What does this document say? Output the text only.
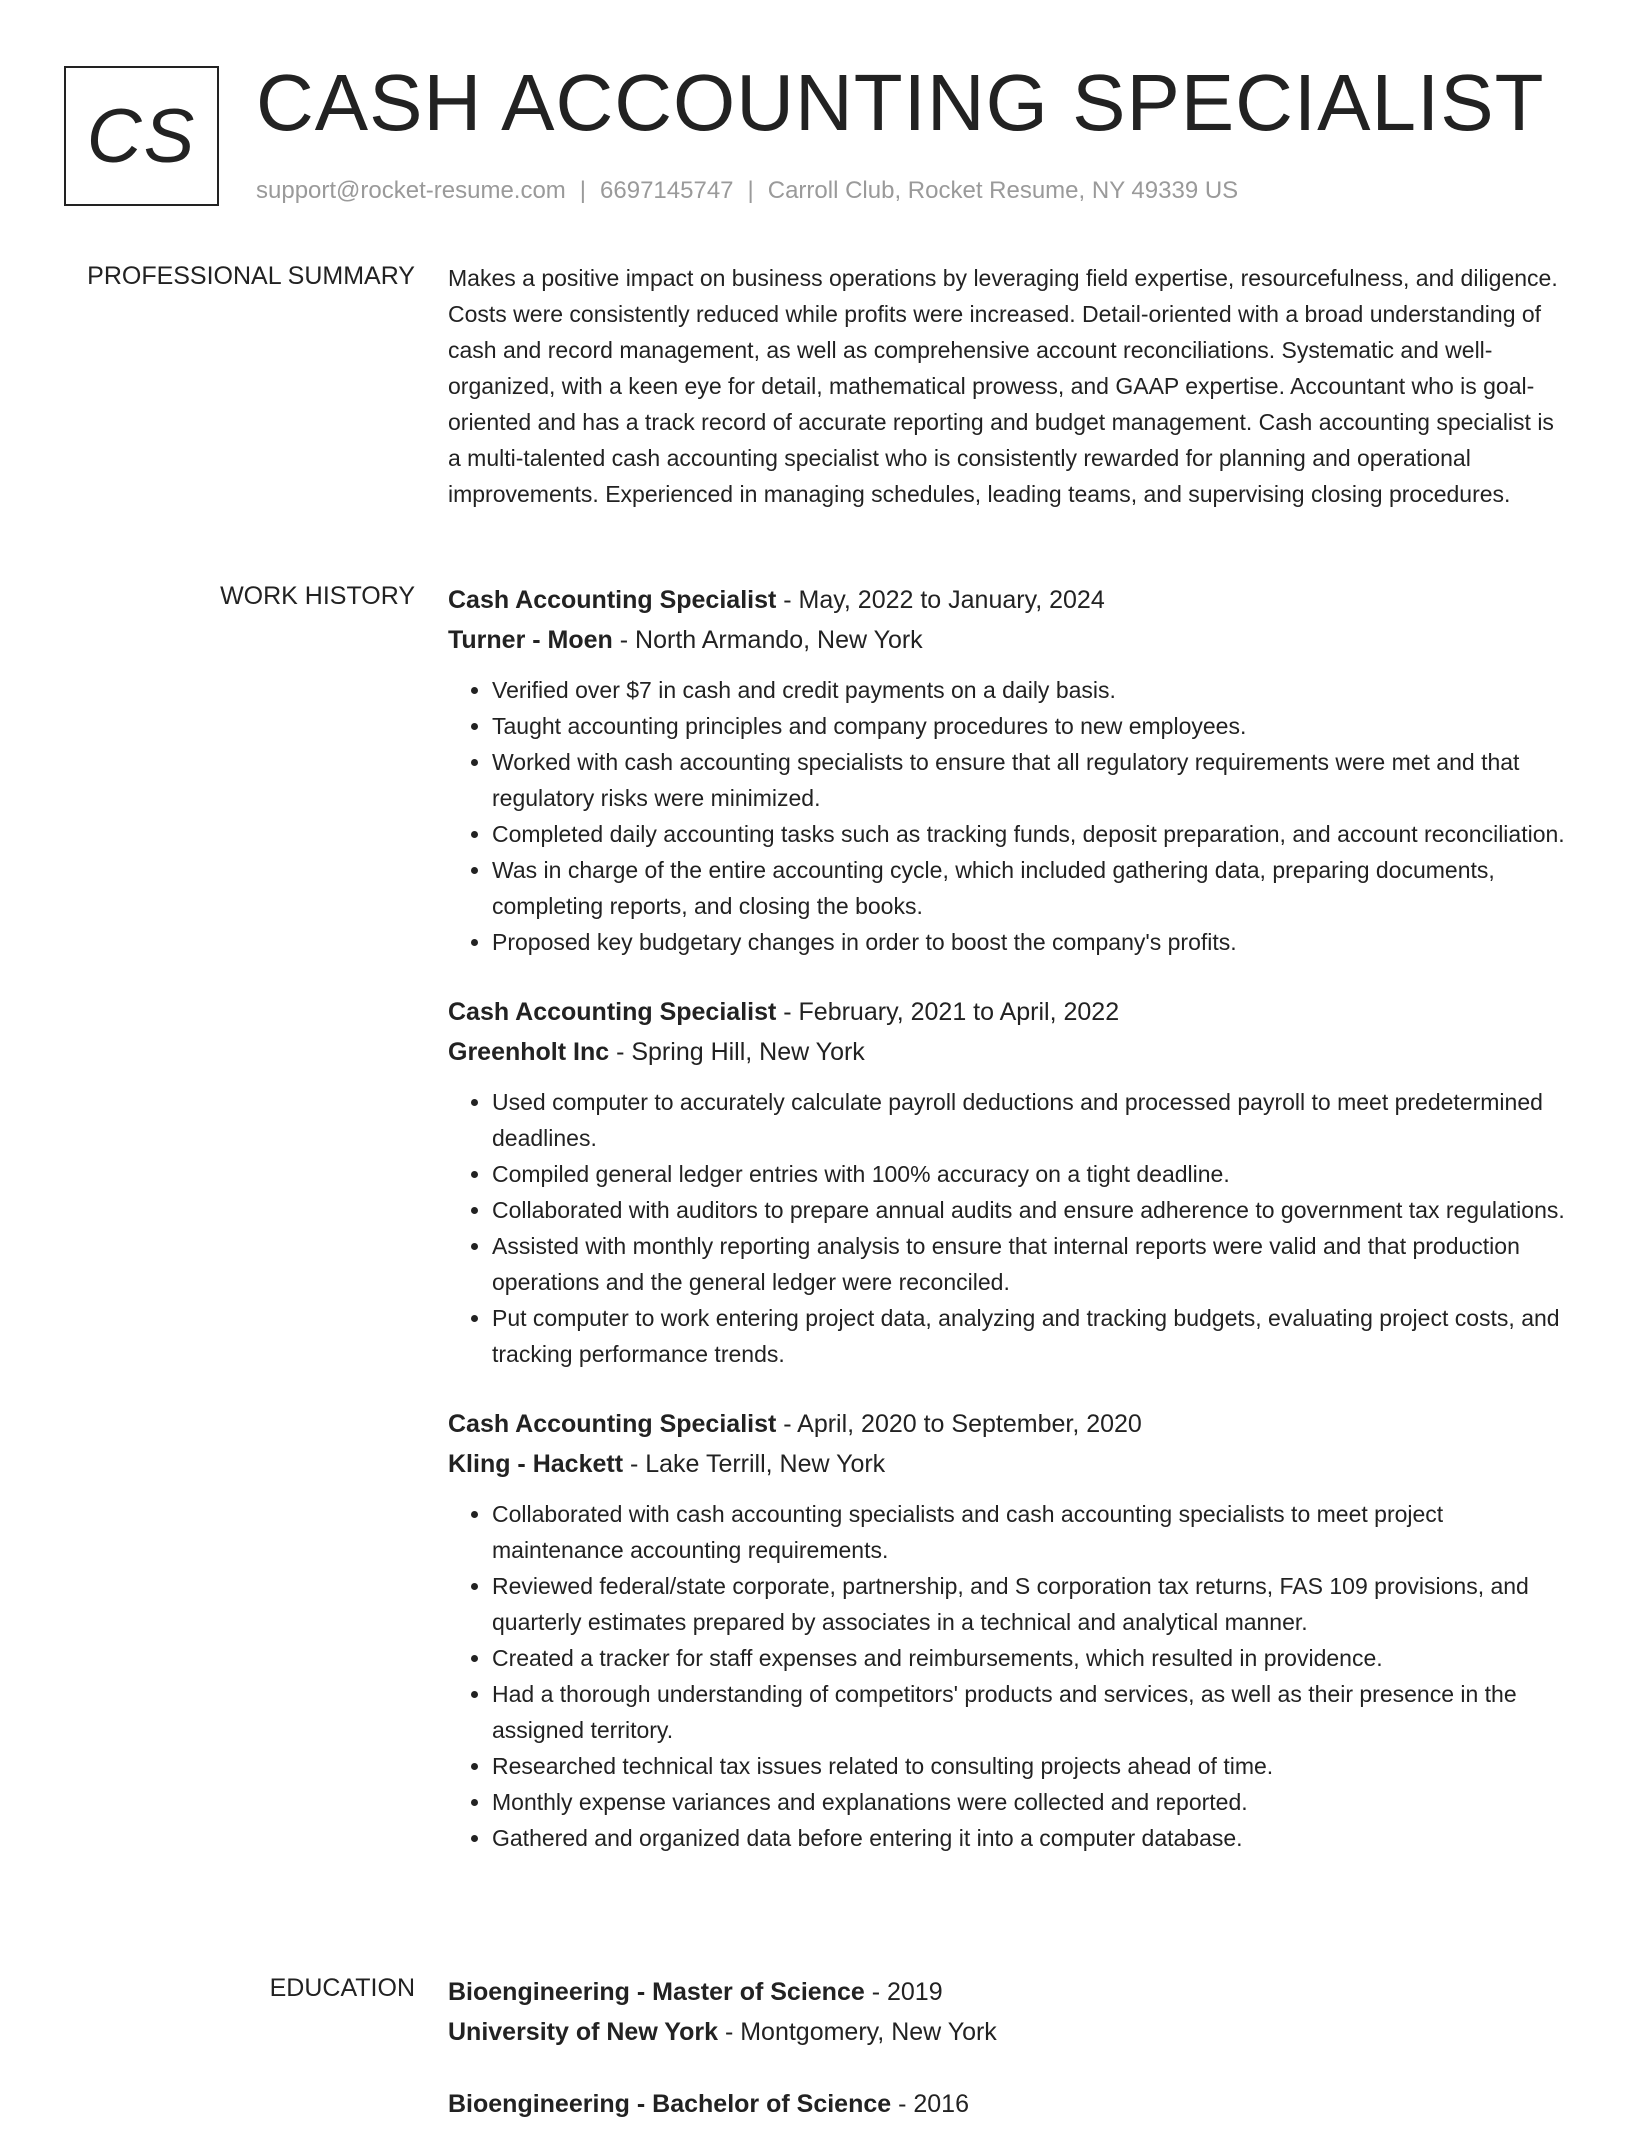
CS CASH ACCOUNTING SPECIALIST
support@rocket-resume.com | 6697145747 | Carroll Club, Rocket Resume, NY 49339 US
PROFESSIONAL SUMMARY Makes a positive impact on business operations by leveraging field expertise, resourcefulness, and diligence. Costs were consistently reduced while profits were increased. Detail-oriented with a broad understanding of cash and record management, as well as comprehensive account reconciliations. Systematic and well-organized, with a keen eye for detail, mathematical prowess, and GAAP expertise. Accountant who is goal-oriented and has a track record of accurate reporting and budget management. Cash accounting specialist is a multi-talented cash accounting specialist who is consistently rewarded for planning and operational improvements. Experienced in managing schedules, leading teams, and supervising closing procedures.

WORK HISTORY Cash Accounting Specialist - May, 2022 to January, 2024
Turner - Moen - North Armando, New York
• Verified over $7 in cash and credit payments on a daily basis.
• Taught accounting principles and company procedures to new employees.
• Worked with cash accounting specialists to ensure that all regulatory requirements were met and that regulatory risks were minimized.
• Completed daily accounting tasks such as tracking funds, deposit preparation, and account reconciliation.
• Was in charge of the entire accounting cycle, which included gathering data, preparing documents, completing reports, and closing the books.
• Proposed key budgetary changes in order to boost the company's profits.
Cash Accounting Specialist - February, 2021 to April, 2022
Greenholt Inc - Spring Hill, New York
• Used computer to accurately calculate payroll deductions and processed payroll to meet predetermined deadlines.
• Compiled general ledger entries with 100% accuracy on a tight deadline.
• Collaborated with auditors to prepare annual audits and ensure adherence to government tax regulations.
• Assisted with monthly reporting analysis to ensure that internal reports were valid and that production operations and the general ledger were reconciled.
• Put computer to work entering project data, analyzing and tracking budgets, evaluating project costs, and tracking performance trends.
Cash Accounting Specialist - April, 2020 to September, 2020
Kling - Hackett - Lake Terrill, New York
• Collaborated with cash accounting specialists and cash accounting specialists to meet project maintenance accounting requirements.
• Reviewed federal/state corporate, partnership, and S corporation tax returns, FAS 109 provisions, and quarterly estimates prepared by associates in a technical and analytical manner.
• Created a tracker for staff expenses and reimbursements, which resulted in providence.
• Had a thorough understanding of competitors' products and services, as well as their presence in the assigned territory.
• Researched technical tax issues related to consulting projects ahead of time.
• Monthly expense variances and explanations were collected and reported.
• Gathered and organized data before entering it into a computer database.
EDUCATION Bioengineering - Master of Science - 2019
University of New York - Montgomery, New York
Bioengineering - Bachelor of Science - 2016
